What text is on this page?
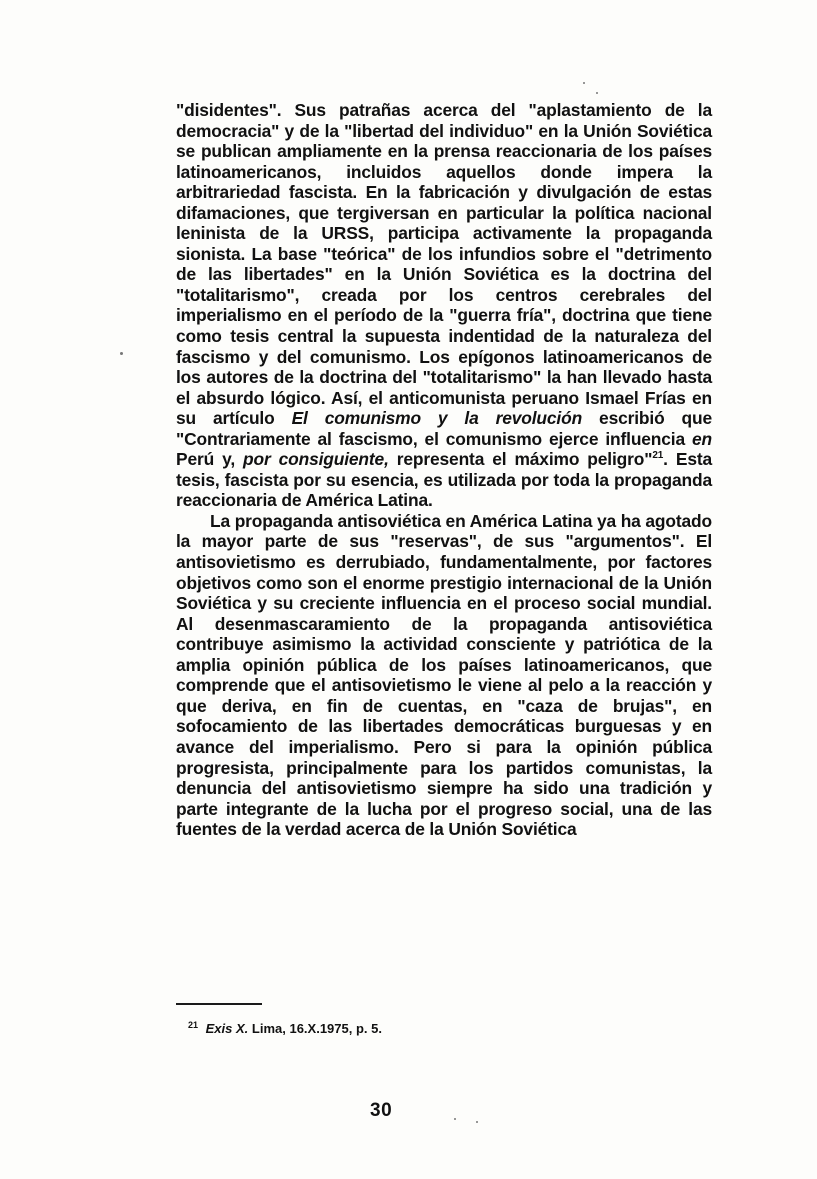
"disidentes". Sus patrañas acerca del "aplastamiento de la democracia" y de la "libertad del individuo" en la Unión Soviética se publican ampliamente en la prensa reaccionaria de los países latinoamericanos, incluidos aquellos donde impera la arbitrariedad fascista. En la fabricación y divulgación de estas difamaciones, que tergiversan en particular la política nacional leninista de la URSS, participa activamente la propaganda sionista. La base "teórica" de los infundios sobre el "detrimento de las libertades" en la Unión Soviética es la doctrina del "totalitarismo", creada por los centros cerebrales del imperialismo en el período de la "guerra fría", doctrina que tiene como tesis central la supuesta indentidad de la naturaleza del fascismo y del comunismo. Los epígonos latinoamericanos de los autores de la doctrina del "totalitarismo" la han llevado hasta el absurdo lógico. Así, el anticomunista peruano Ismael Frías en su artículo El comunismo y la revolución escribió que "Contrariamente al fascismo, el comunismo ejerce influencia en Perú y, por consiguiente, representa el máximo peligro"$^{21}$. Esta tesis, fascista por su esencia, es utilizada por toda la propaganda reaccionaria de América Latina.

La propaganda antisoviética en América Latina ya ha agotado la mayor parte de sus "reservas", de sus "argumentos". El antisovietismo es derrubiado, fundamentalmente, por factores objetivos como son el enorme prestigio internacional de la Unión Soviética y su creciente influencia en el proceso social mundial. Al desenmascaramiento de la propaganda antisoviética contribuye asimismo la actividad consciente y patriótica de la amplia opinión pública de los países latinoamericanos, que comprende que el antisovietismo le viene al pelo a la reacción y que deriva, en fin de cuentas, en "caza de brujas", en sofocamiento de las libertades democráticas burguesas y en avance del imperialismo. Pero si para la opinión pública progresista, principalmente para los partidos comunistas, la denuncia del antisovietismo siempre ha sido una tradición y parte integrante de la lucha por el progreso social, una de las fuentes de la verdad acerca de la Unión Soviética

$^{21}$ Exis X. Lima, 16.X.1975, p. 5.
30
